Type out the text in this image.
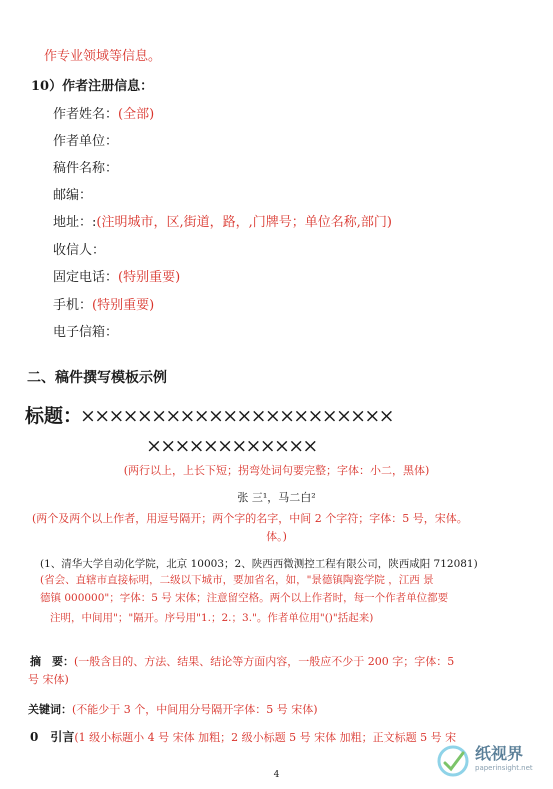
作专业领域等信息。
10）作者注册信息：
作者姓名：(全部)
作者单位：
稿件名称：
邮编：
地址：:(注明城市，区,街道，路，,门牌号；单位名称,部门)
收信人：
固定电话：(特别重要)
手机：(特别重要)
电子信箱：
二、稿件撰写模板示例
标题：
××××××××××××××××××××××
××××××××××××
(两行以上，上长下短；拐弯处词句要完整；字体：小二，黑体)
张 三¹，马二白²
(两个及两个以上作者，用逗号隔开；两个字的名字，中间 2 个字符；字体：5 号，宋体。
体。)
(1、清华大学自动化学院，北京 10003；2、陕西西微测控工程有限公司，陕西咸阳 712081)
(省会、直辖市直接标明，二级以下城市，要加省名，如，"景德镇陶瓷学院 ，江西 景
德镇 000000"；字体：5 号 宋体；注意留空格。两个以上作者时，每一个作者单位都要
注明，中间用"；"隔开。序号用"1.；2.；3."。作者单位用"()"括起来)
摘　要：(一般含目的、方法、结果、结论等方面内容，一般应不少于 200 字；字体：5
号 宋体)
关键词：(不能少于 3 个，中间用分号隔开字体：5 号 宋体)
0　引言(1 级小标题小 4 号 宋体 加粗；2 级小标题 5 号 宋体 加粗；正文标题 5 号 宋
4
纸视界
paperinsight.net
